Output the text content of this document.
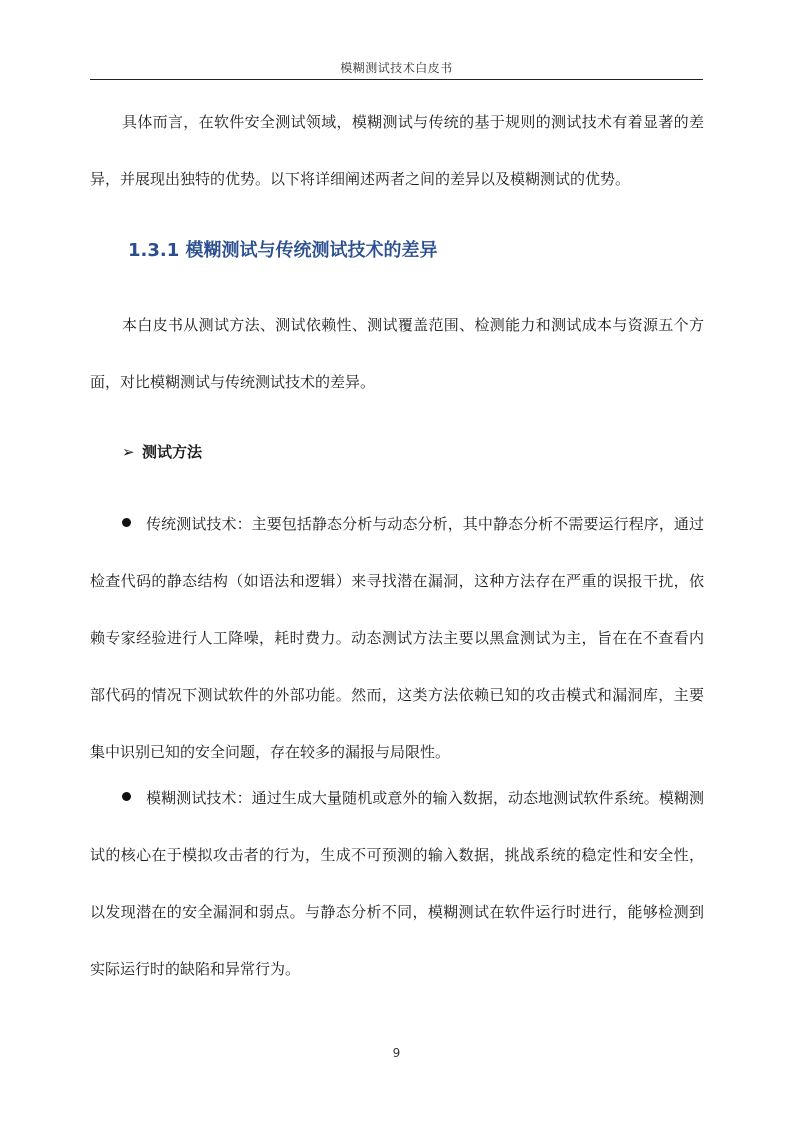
模糊测试技术白皮书

具体而言，在软件安全测试领域，模糊测试与传统的基于规则的测试技术有着显著的差异，并展现出独特的优势。以下将详细阐述两者之间的差异以及模糊测试的优势。

1.3.1 模糊测试与传统测试技术的差异

本白皮书从测试方法、测试依赖性、测试覆盖范围、检测能力和测试成本与资源五个方面，对比模糊测试与传统测试技术的差异。

➢ 测试方法

传统测试技术：主要包括静态分析与动态分析，其中静态分析不需要运行程序，通过检查代码的静态结构（如语法和逻辑）来寻找潜在漏洞，这种方法存在严重的误报干扰，依赖专家经验进行人工降噪，耗时费力。动态测试方法主要以黑盒测试为主，旨在在不查看内部代码的情况下测试软件的外部功能。然而，这类方法依赖已知的攻击模式和漏洞库，主要集中识别已知的安全问题，存在较多的漏报与局限性。

模糊测试技术：通过生成大量随机或意外的输入数据，动态地测试软件系统。模糊测试的核心在于模拟攻击者的行为，生成不可预测的输入数据，挑战系统的稳定性和安全性，以发现潜在的安全漏洞和弱点。与静态分析不同，模糊测试在软件运行时进行，能够检测到实际运行时的缺陷和异常行为。

9
